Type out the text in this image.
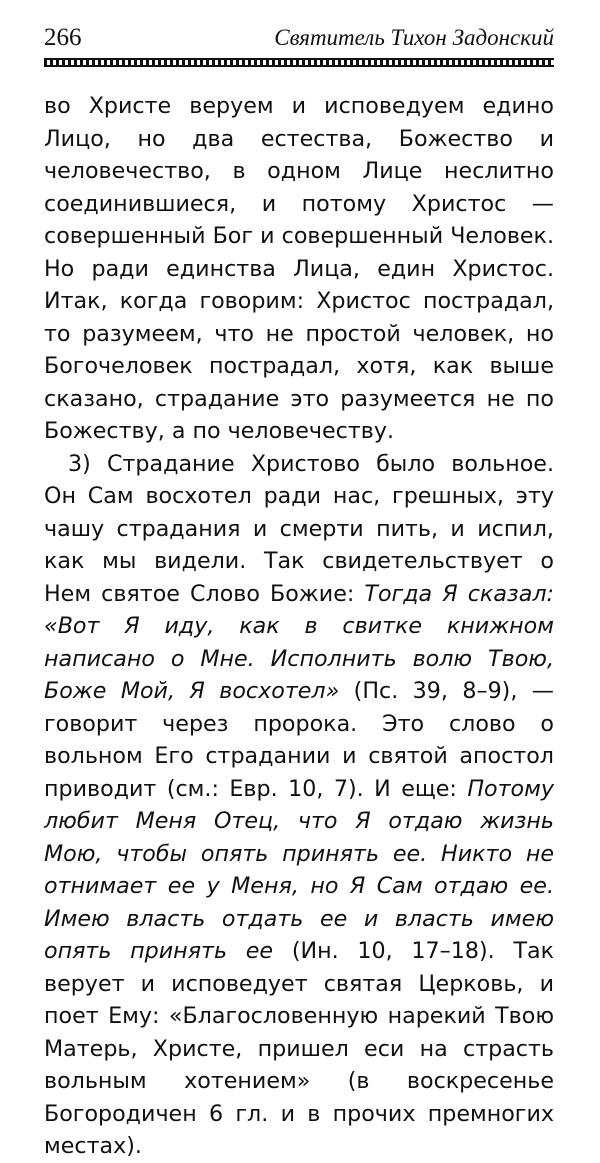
266	Святитель Тихон Задонский

во Христе веруем и исповедуем едино Лицо, но два естества, Божество и человечество, в одном Лице неслитно соединившиеся, и потому Христос — совершенный Бог и совершенный Человек. Но ради единства Лица, един Христос. Итак, когда говорим: Христос пострадал, то разумеем, что не простой человек, но Богочеловек пострадал, хотя, как выше сказано, страдание это разумеется не по Божеству, а по человечеству.

3) Страдание Христово было вольное. Он Сам восхотел ради нас, грешных, эту чашу страдания и смерти пить, и испил, как мы видели. Так свидетельствует о Нем святое Слово Божие: Тогда Я сказал: «Вот Я иду, как в свитке книжном написано о Мне. Исполнить волю Твою, Боже Мой, Я восхотел» (Пс. 39, 8–9), — говорит через пророка. Это слово о вольном Его страдании и святой апостол приводит (см.: Евр. 10, 7). И еще: Потому любит Меня Отец, что Я отдаю жизнь Мою, чтобы опять принять ее. Никто не отнимает ее у Меня, но Я Сам отдаю ее. Имею власть отдать ее и власть имею опять принять ее (Ин. 10, 17–18). Так верует и исповедует святая Церковь, и поет Ему: «Благословенную нарекий Твою Матерь, Христе, пришел еси на страсть вольным хотением» (в воскресенье Богородичен 6 гл. и в прочих премногих местах).
